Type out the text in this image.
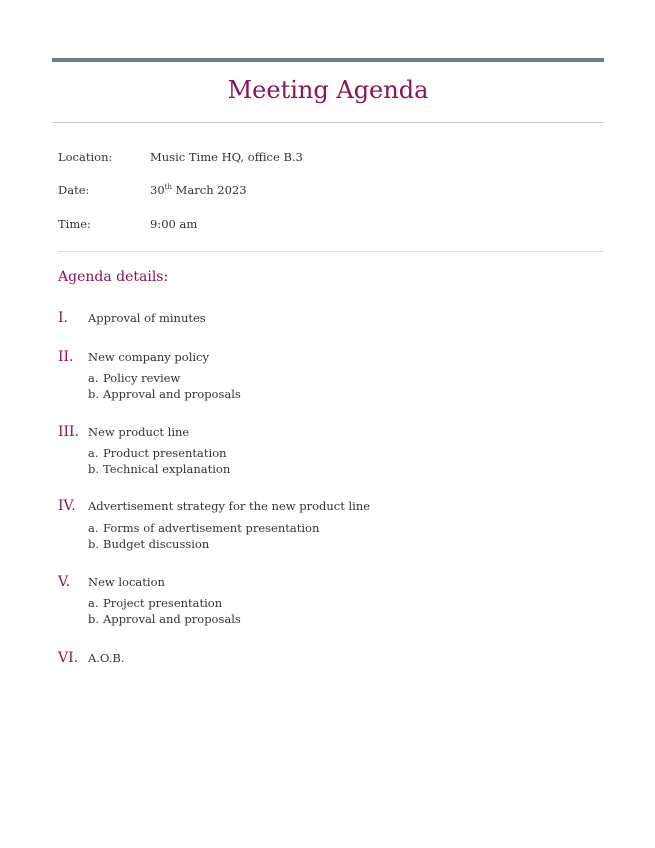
Meeting Agenda
Location:	Music Time HQ, office B.3
Date:	30th March 2023
Time:	9:00 am
Agenda details:
I.	Approval of minutes
II.	New company policy
a. Policy review
b. Approval and proposals
III. New product line
a. Product presentation
b. Technical explanation
IV.	Advertisement strategy for the new product line
a. Forms of advertisement presentation
b. Budget discussion
V.	New location
a. Project presentation
b. Approval and proposals
VI. A.O.B.
